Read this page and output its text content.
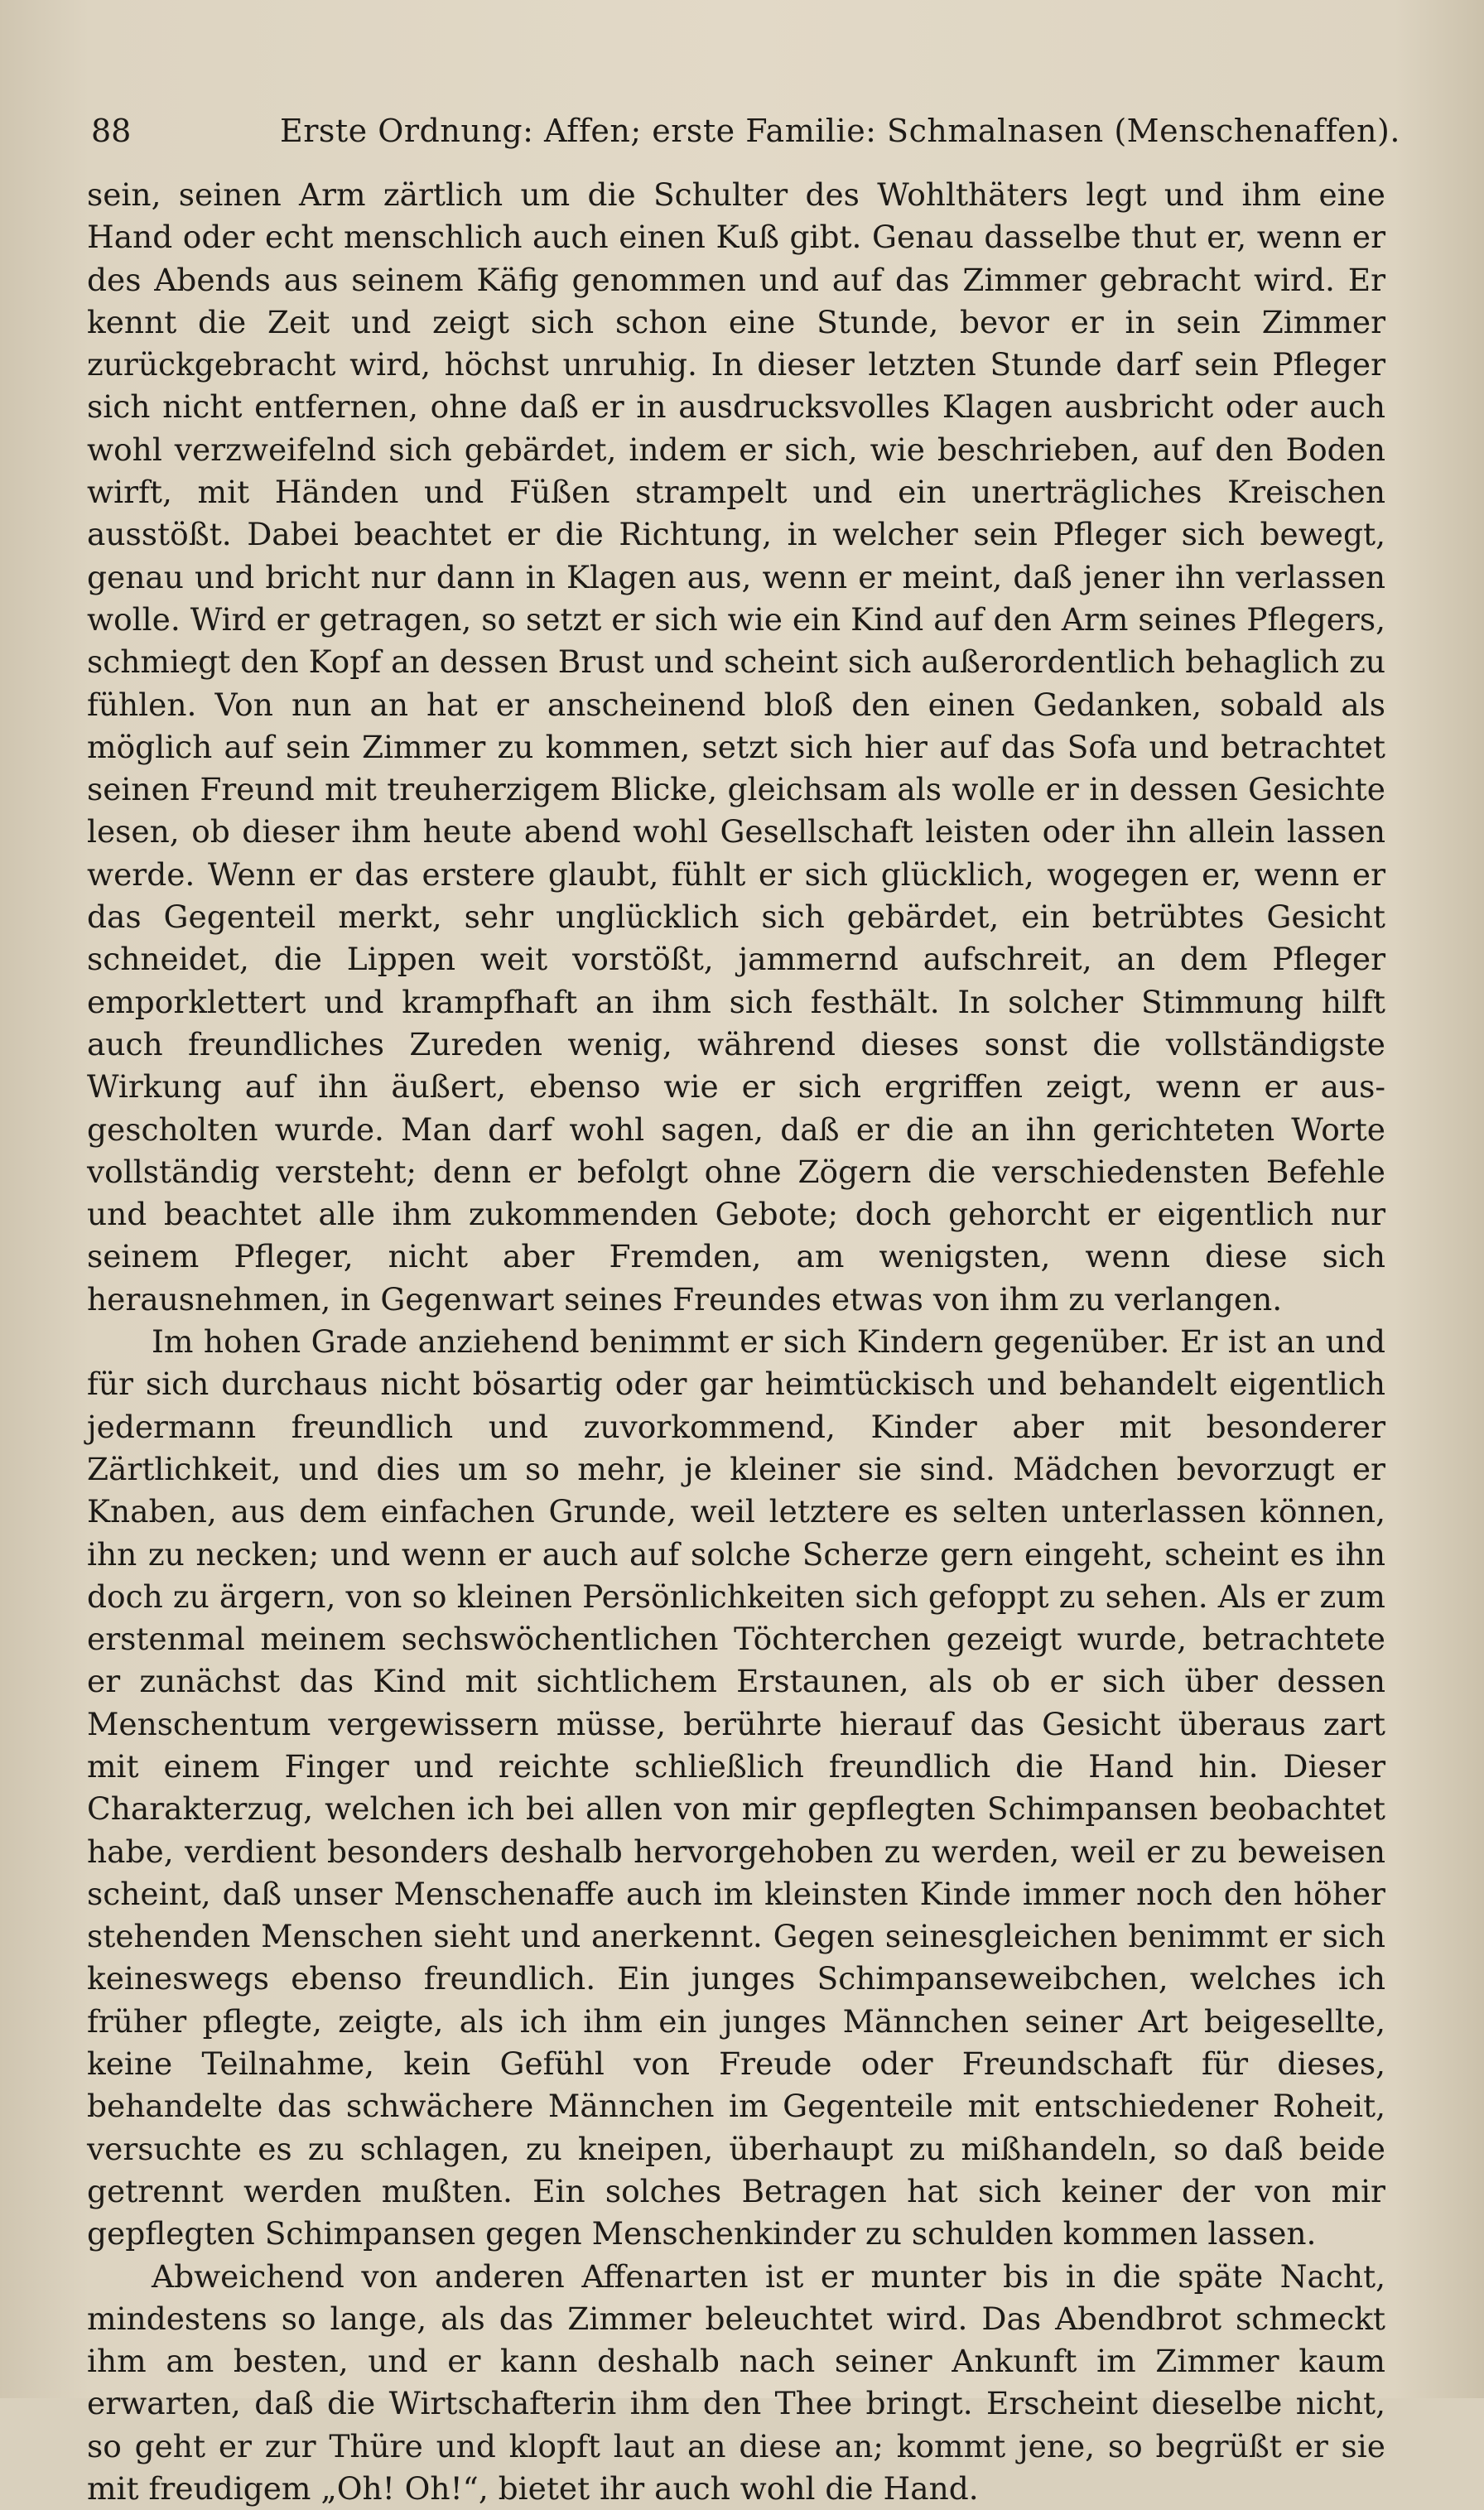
88	Erste Ordnung: Affen; erste Familie: Schmalnasen (Menschenaffen).

sein, seinen Arm zärtlich um die Schulter des Wohlthäters legt und ihm eine Hand oder echt menschlich auch einen Kuß gibt. Genau dasselbe thut er, wenn er des Abends aus seinem Käfig genommen und auf das Zimmer gebracht wird. Er kennt die Zeit und zeigt sich schon eine Stunde, bevor er in sein Zimmer zurückgebracht wird, höchst unruhig. In dieser letzten Stunde darf sein Pfleger sich nicht entfernen, ohne daß er in ausdrucksvolles Klagen ausbricht oder auch wohl verzweifelnd sich gebärdet, indem er sich, wie beschrieben, auf den Boden wirft, mit Händen und Füßen strampelt und ein unerträgliches Kreischen ausstößt. Dabei beachtet er die Richtung, in welcher sein Pfleger sich bewegt, genau und bricht nur dann in Klagen aus, wenn er meint, daß jener ihn verlassen wolle. Wird er getragen, so setzt er sich wie ein Kind auf den Arm seines Pflegers, schmiegt den Kopf an dessen Brust und scheint sich außerordentlich behaglich zu fühlen. Von nun an hat er anscheinend bloß den einen Gedanken, sobald als möglich auf sein Zimmer zu kommen, setzt sich hier auf das Sofa und betrachtet seinen Freund mit treuherzigem Blicke, gleichsam als wolle er in dessen Gesichte lesen, ob dieser ihm heute abend wohl Gesellschaft leisten oder ihn allein lassen werde. Wenn er das erstere glaubt, fühlt er sich glücklich, wogegen er, wenn er das Gegenteil merkt, sehr unglücklich sich gebärdet, ein betrübtes Gesicht schneidet, die Lippen weit vorstößt, jammernd aufschreit, an dem Pfleger emporklettert und krampfhaft an ihm sich festhält. In solcher Stimmung hilft auch freundliches Zureden wenig, während dieses sonst die vollständigste Wirkung auf ihn äußert, ebenso wie er sich ergriffen zeigt, wenn er ausgescholten wurde. Man darf wohl sagen, daß er die an ihn gerichteten Worte vollständig versteht; denn er befolgt ohne Zögern die verschiedensten Befehle und beachtet alle ihm zukommenden Gebote; doch gehorcht er eigentlich nur seinem Pfleger, nicht aber Fremden, am wenigsten, wenn diese sich herausnehmen, in Gegenwart seines Freundes etwas von ihm zu verlangen.

Im hohen Grade anziehend benimmt er sich Kindern gegenüber. Er ist an und für sich durchaus nicht bösartig oder gar heimtückisch und behandelt eigentlich jedermann freundlich und zuvorkommend, Kinder aber mit besonderer Zärtlichkeit, und dies um so mehr, je kleiner sie sind. Mädchen bevorzugt er Knaben, aus dem einfachen Grunde, weil letztere es selten unterlassen können, ihn zu necken; und wenn er auch auf solche Scherze gern eingeht, scheint es ihn doch zu ärgern, von so kleinen Persönlichkeiten sich gefoppt zu sehen. Als er zum erstenmal meinem sechswöchentlichen Töchterchen gezeigt wurde, betrachtete er zunächst das Kind mit sichtlichem Erstaunen, als ob er sich über dessen Menschentum vergewissern müsse, berührte hierauf das Gesicht überaus zart mit einem Finger und reichte schließlich freundlich die Hand hin. Dieser Charakterzug, welchen ich bei allen von mir gepflegten Schimpansen beobachtet habe, verdient besonders deshalb hervorgehoben zu werden, weil er zu beweisen scheint, daß unser Menschenaffe auch im kleinsten Kinde immer noch den höher stehenden Menschen sieht und anerkennt. Gegen seinesgleichen benimmt er sich keineswegs ebenso freundlich. Ein junges Schimpanseweibchen, welches ich früher pflegte, zeigte, als ich ihm ein junges Männchen seiner Art beigesellte, keine Teilnahme, kein Gefühl von Freude oder Freundschaft für dieses, behandelte das schwächere Männchen im Gegenteile mit entschiedener Roheit, versuchte es zu schlagen, zu kneipen, überhaupt zu mißhandeln, so daß beide getrennt werden mußten. Ein solches Betragen hat sich keiner der von mir gepflegten Schimpansen gegen Menschenkinder zu schulden kommen lassen.

Abweichend von anderen Affenarten ist er munter bis in die späte Nacht, mindestens so lange, als das Zimmer beleuchtet wird. Das Abendbrot schmeckt ihm am besten, und er kann deshalb nach seiner Ankunft im Zimmer kaum erwarten, daß die Wirtschafterin ihm den Thee bringt. Erscheint dieselbe nicht, so geht er zur Thüre und klopft laut an diese an; kommt jene, so begrüßt er sie mit freudigem „Oh! Oh!“, bietet ihr auch wohl die Hand.
